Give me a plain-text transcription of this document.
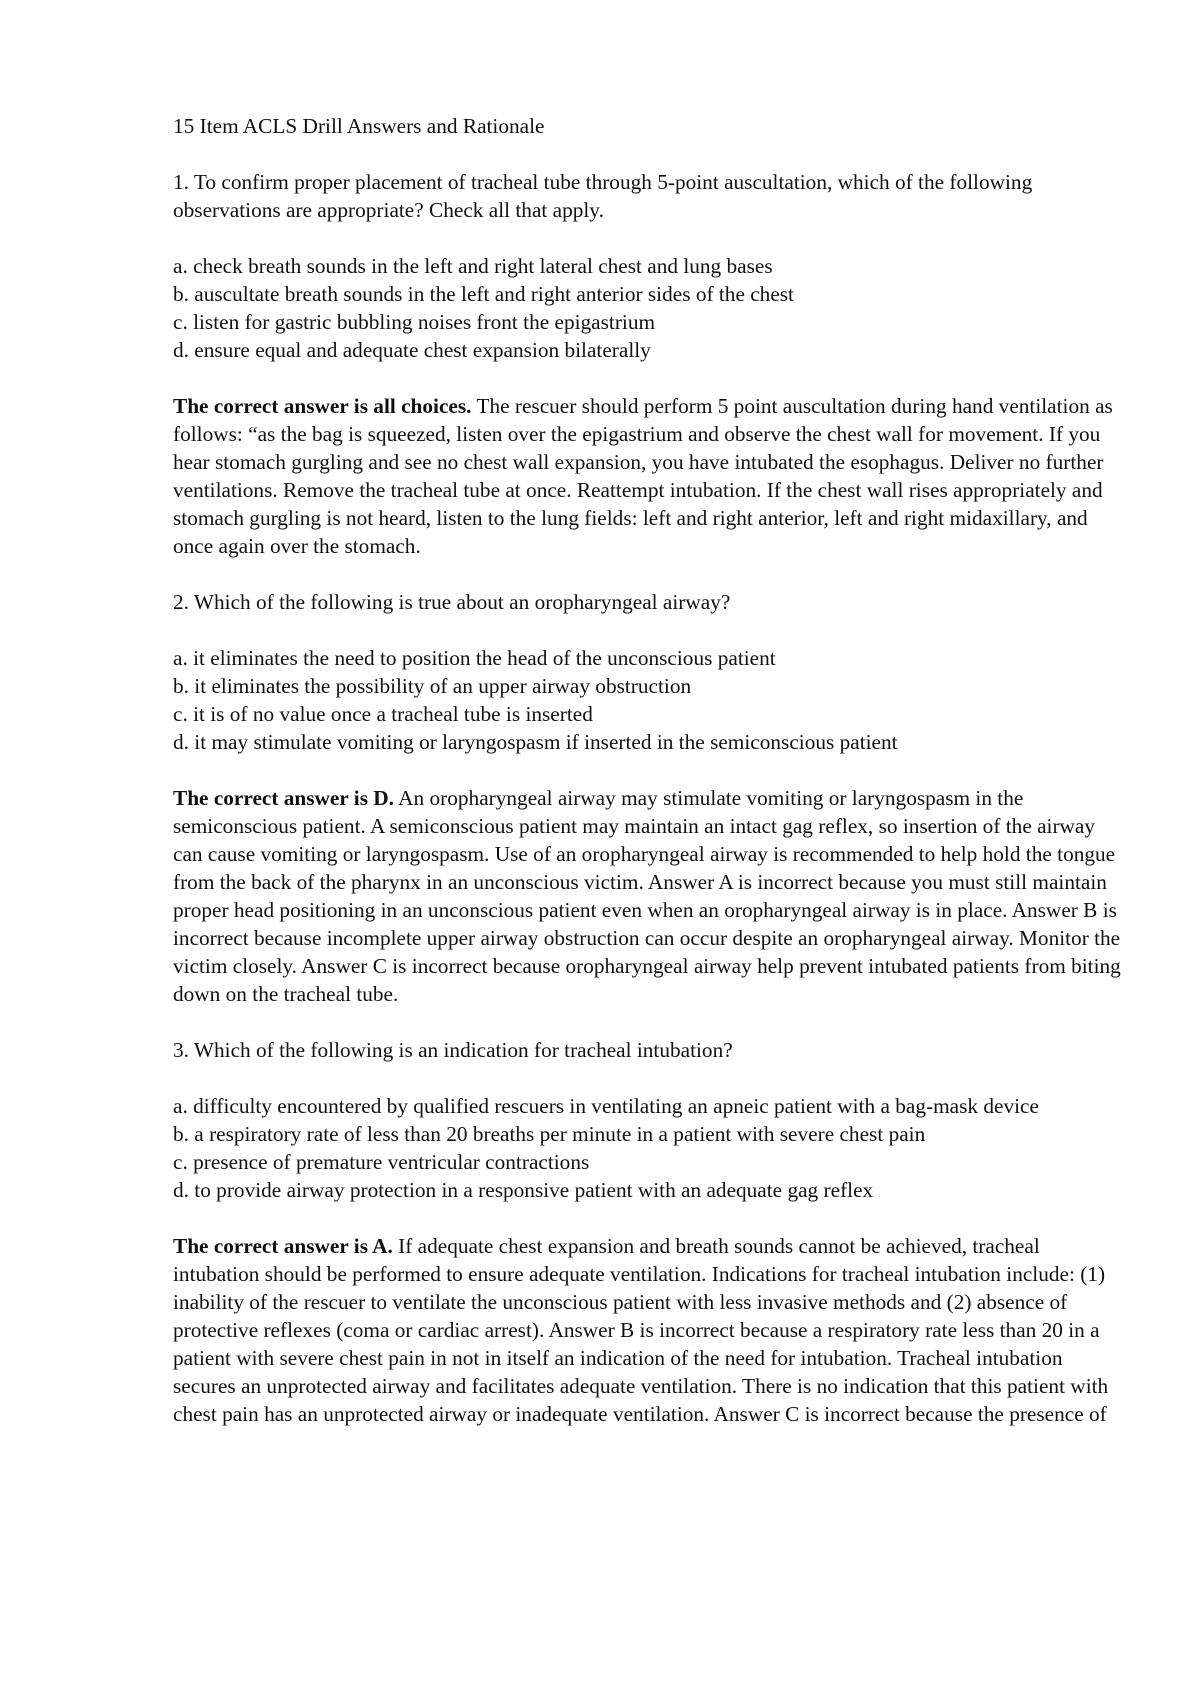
15 Item ACLS Drill Answers and Rationale

1. To confirm proper placement of tracheal tube through 5-point auscultation, which of the following observations are appropriate? Check all that apply.

a. check breath sounds in the left and right lateral chest and lung bases

b. auscultate breath sounds in the left and right anterior sides of the chest

c. listen for gastric bubbling noises front the epigastrium

d. ensure equal and adequate chest expansion bilaterally

The correct answer is all choices. The rescuer should perform 5 point auscultation during hand ventilation as follows: “as the bag is squeezed, listen over the epigastrium and observe the chest wall for movement. If you hear stomach gurgling and see no chest wall expansion, you have intubated the esophagus. Deliver no further ventilations. Remove the tracheal tube at once. Reattempt intubation. If the chest wall rises appropriately and stomach gurgling is not heard, listen to the lung fields: left and right anterior, left and right midaxillary, and once again over the stomach.

2. Which of the following is true about an oropharyngeal airway?

a. it eliminates the need to position the head of the unconscious patient

b. it eliminates the possibility of an upper airway obstruction

c. it is of no value once a tracheal tube is inserted

d. it may stimulate vomiting or laryngospasm if inserted in the semiconscious patient

The correct answer is D. An oropharyngeal airway may stimulate vomiting or laryngospasm in the semiconscious patient. A semiconscious patient may maintain an intact gag reflex, so insertion of the airway can cause vomiting or laryngospasm. Use of an oropharyngeal airway is recommended to help hold the tongue from the back of the pharynx in an unconscious victim. Answer A is incorrect because you must still maintain proper head positioning in an unconscious patient even when an oropharyngeal airway is in place. Answer B is incorrect because incomplete upper airway obstruction can occur despite an oropharyngeal airway. Monitor the victim closely. Answer C is incorrect because oropharyngeal airway help prevent intubated patients from biting down on the tracheal tube.

3. Which of the following is an indication for tracheal intubation?

a. difficulty encountered by qualified rescuers in ventilating an apneic patient with a bag-mask device

b. a respiratory rate of less than 20 breaths per minute in a patient with severe chest pain

c. presence of premature ventricular contractions

d. to provide airway protection in a responsive patient with an adequate gag reflex

The correct answer is A. If adequate chest expansion and breath sounds cannot be achieved, tracheal intubation should be performed to ensure adequate ventilation. Indications for tracheal intubation include: (1) inability of the rescuer to ventilate the unconscious patient with less invasive methods and (2) absence of protective reflexes (coma or cardiac arrest). Answer B is incorrect because a respiratory rate less than 20 in a patient with severe chest pain in not in itself an indication of the need for intubation. Tracheal intubation secures an unprotected airway and facilitates adequate ventilation. There is no indication that this patient with chest pain has an unprotected airway or inadequate ventilation. Answer C is incorrect because the presence of
